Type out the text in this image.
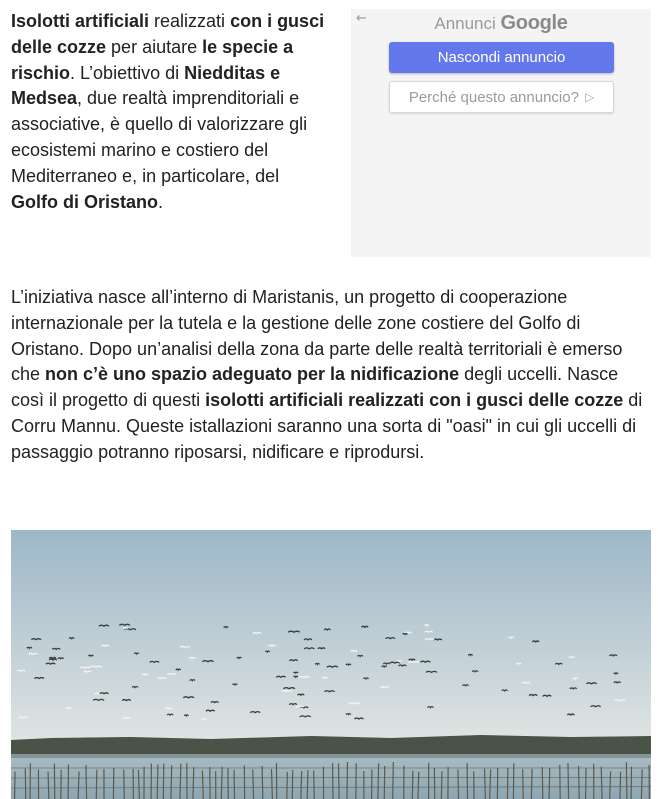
Isolotti artificiali realizzati con i gusci delle cozze per aiutare le specie a rischio. L’obiettivo di Niedditas e Medsea, due realtà imprenditoriali e associative, è quello di valorizzare gli ecosistemi marino e costiero del Mediterraneo e, in particolare, del Golfo di Oristano.

←	Annunci Google
Nascondi annuncio
Perché questo annuncio? ▷

L’iniziativa nasce all’interno di Maristanis, un progetto di cooperazione internazionale per la tutela e la gestione delle zone costiere del Golfo di Oristano. Dopo un’analisi della zona da parte delle realtà territoriali è emerso che non c’è uno spazio adeguato per la nidificazione degli uccelli. Nasce così il progetto di questi isolotti artificiali realizzati con i gusci delle cozze di Corru Mannu. Queste istallazioni saranno una sorta di "oasi" in cui gli uccelli di passaggio potranno riposarsi, nidificare e riprodursi.
